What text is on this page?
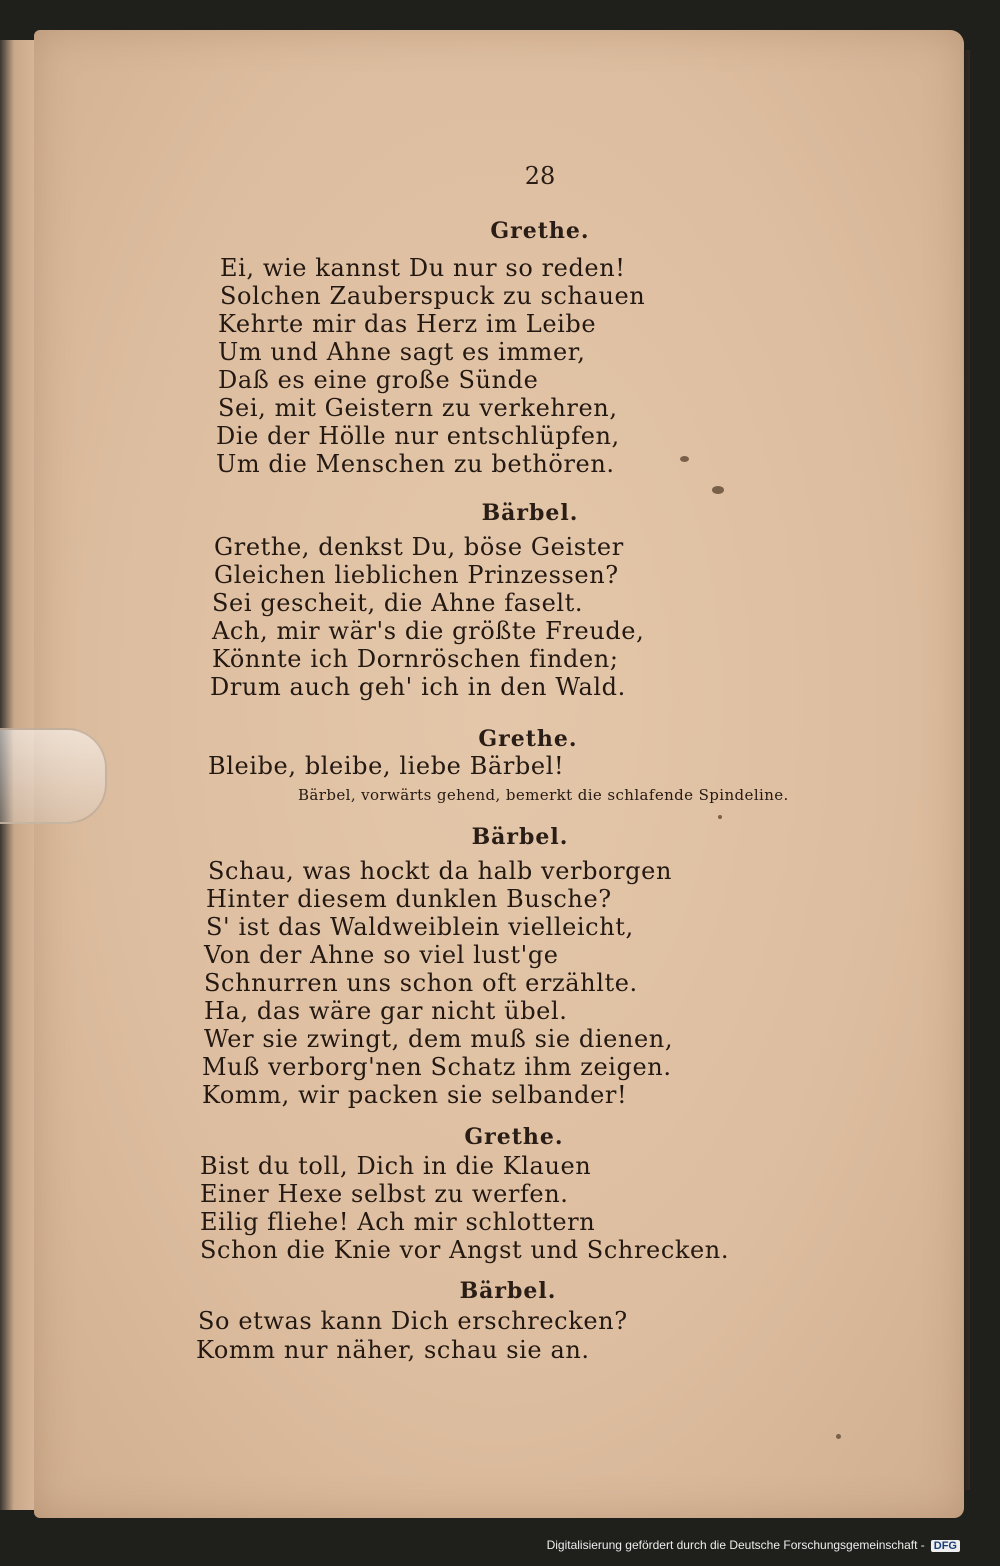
28
Grethe.
Ei, wie kannst Du nur so reden!
Solchen Zauberspuck zu schauen
Kehrte mir das Herz im Leibe
Um und Ahne sagt es immer,
Daß es eine große Sünde
Sei, mit Geistern zu verkehren,
Die der Hölle nur entschlüpfen,
Um die Menschen zu bethören.
Bärbel.
Grethe, denkst Du, böse Geister
Gleichen lieblichen Prinzessen?
Sei gescheit, die Ahne faselt.
Ach, mir wär's die größte Freude,
Könnte ich Dornröschen finden;
Drum auch geh' ich in den Wald.
Grethe.
Bleibe, bleibe, liebe Bärbel!
Bärbel, vorwärts gehend, bemerkt die schlafende Spindeline.
Bärbel.
Schau, was hockt da halb verborgen
Hinter diesem dunklen Busche?
S' ist das Waldweiblein vielleicht,
Von der Ahne so viel lust'ge
Schnurren uns schon oft erzählte.
Ha, das wäre gar nicht übel.
Wer sie zwingt, dem muß sie dienen,
Muß verborg'nen Schatz ihm zeigen.
Komm, wir packen sie selbander!
Grethe.
Bist du toll, Dich in die Klauen
Einer Hexe selbst zu werfen.
Eilig fliehe! Ach mir schlottern
Schon die Knie vor Angst und Schrecken.
Bärbel.
So etwas kann Dich erschrecken?
Komm nur näher, schau sie an.
Digitalisierung gefördert durch die Deutsche Forschungsgemeinschaft - DFG
